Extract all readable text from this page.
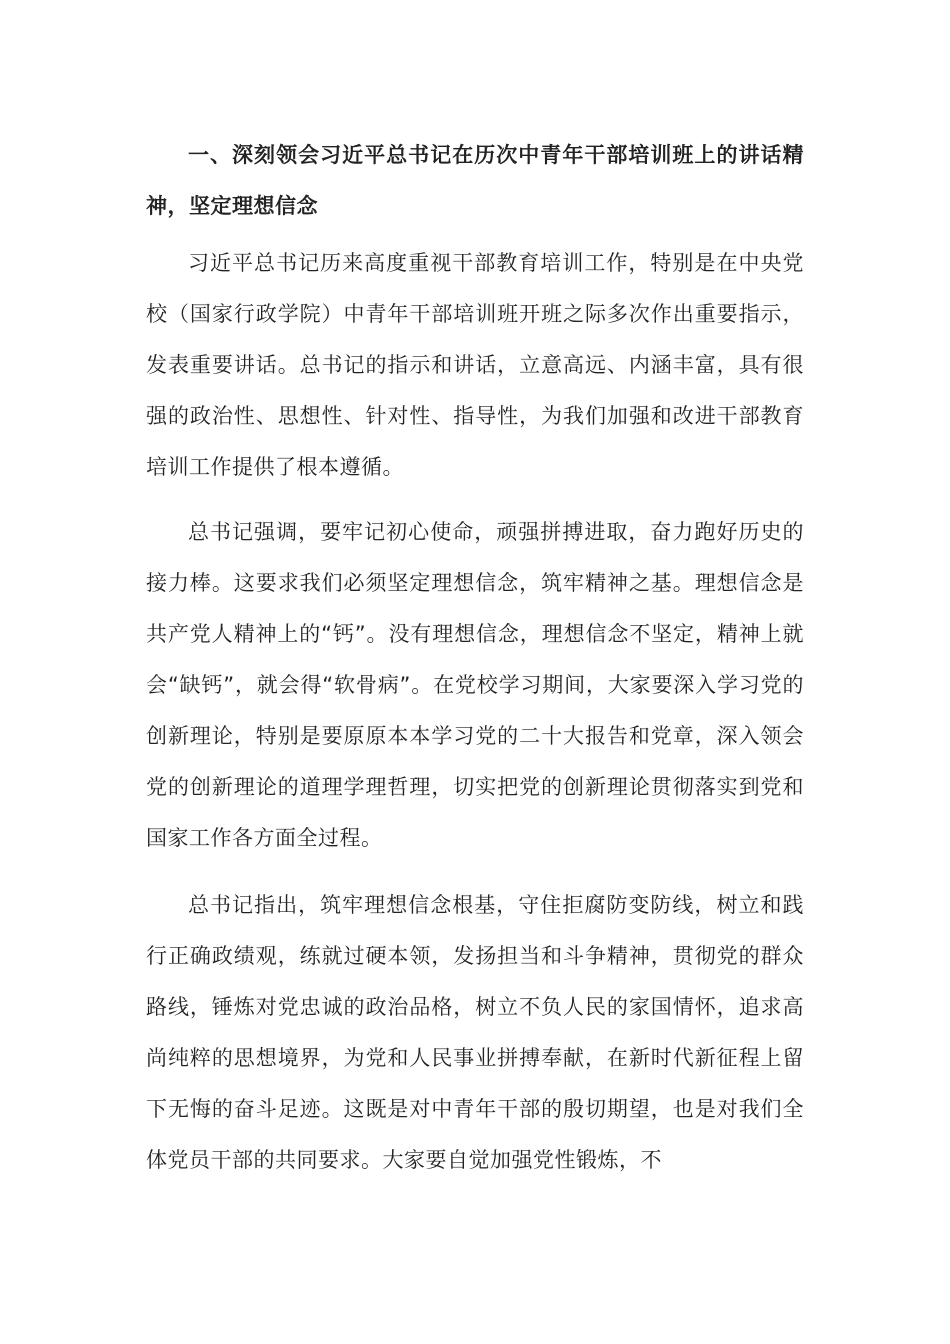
一、深刻领会习近平总书记在历次中青年干部培训班上的讲话精神，坚定理想信念

习近平总书记历来高度重视干部教育培训工作，特别是在中央党校（国家行政学院）中青年干部培训班开班之际多次作出重要指示，发表重要讲话。总书记的指示和讲话，立意高远、内涵丰富，具有很强的政治性、思想性、针对性、指导性，为我们加强和改进干部教育培训工作提供了根本遵循。

总书记强调，要牢记初心使命，顽强拼搏进取，奋力跑好历史的接力棒。这要求我们必须坚定理想信念，筑牢精神之基。理想信念是共产党人精神上的“钙”。没有理想信念，理想信念不坚定，精神上就会“缺钙”，就会得“软骨病”。在党校学习期间，大家要深入学习党的创新理论，特别是要原原本本学习党的二十大报告和党章，深入领会党的创新理论的道理学理哲理，切实把党的创新理论贯彻落实到党和国家工作各方面全过程。

总书记指出，筑牢理想信念根基，守住拒腐防变防线，树立和践行正确政绩观，练就过硬本领，发扬担当和斗争精神，贯彻党的群众路线，锤炼对党忠诚的政治品格，树立不负人民的家国情怀，追求高尚纯粹的思想境界，为党和人民事业拼搏奉献，在新时代新征程上留下无悔的奋斗足迹。这既是对中青年干部的殷切期望，也是对我们全体党员干部的共同要求。大家要自觉加强党性锻炼，不
